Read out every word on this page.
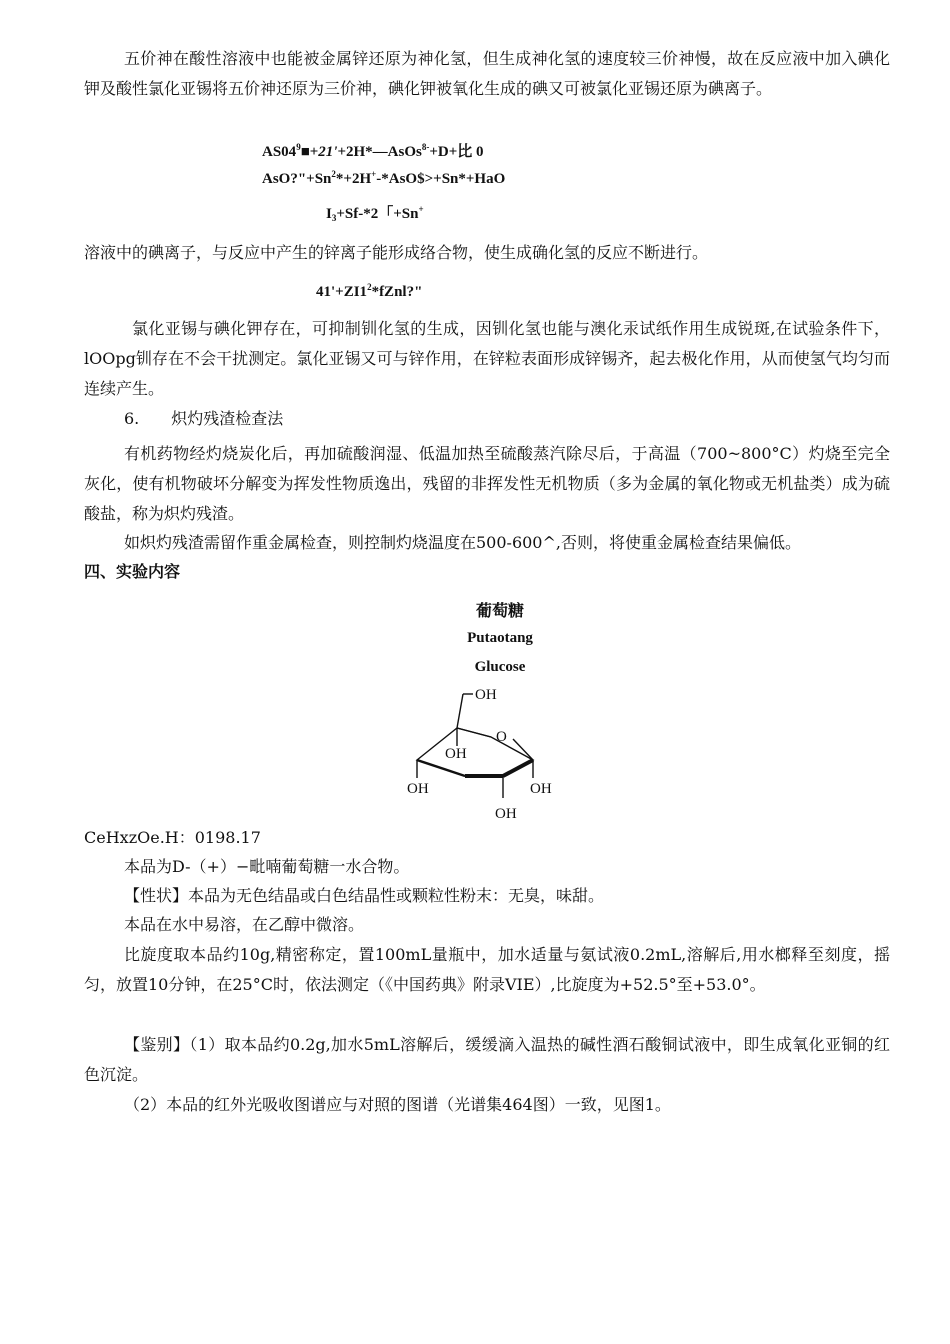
五价神在酸性溶液中也能被金属锌还原为神化氢，但生成神化氢的速度较三价神慢，故在反应液中加入碘化钾及酸性氯化亚锡将五价神还原为三价神，碘化钾被氧化生成的碘又可被氯化亚锡还原为碘离子。

$AS04^9■+21'+2H*—AsOs^{8-}+D+$比 0

$AsO?"+Sn^2*+2H^+-*AsO\$>+Sn*+HaO$

$I_3+Sf-*2$「+Sn+

溶液中的碘离子，与反应中产生的锌离子能形成络合物，使生成确化氢的反应不断进行。

$41'+ZI1^2*fZnl$?"

氯化亚锡与碘化钾存在，可抑制钏化氢的生成，因钏化氢也能与澳化汞试纸作用生成锐斑,在试验条件下，lOOpg钏存在不会干扰测定。氯化亚锡又可与锌作用，在锌粒表面形成锌锡齐，起去极化作用，从而使氢气均匀而连续产生。

6. 炽灼残渣检查法

有机药物经灼烧炭化后，再加硫酸润湿、低温加热至硫酸蒸汽除尽后，于高温（700~800°C）灼烧至完全灰化，使有机物破坏分解变为挥发性物质逸出，残留的非挥发性无机物质（多为金属的氧化物或无机盐类）成为硫酸盐，称为炽灼残渣。

如炽灼残渣需留作重金属检查，则控制灼烧温度在500-600^,否则，将使重金属检查结果偏低。

四、实验内容

葡萄糖

Putaotang

Glucose

OH
O
OH
OH	OH
OH

CeHxzOe.H：0198.17

本品为D-（+）−毗喃葡萄糖一水合物。

【性状】本品为无色结晶或白色结晶性或颗粒性粉末：无臭，味甜。

本品在水中易溶，在乙醇中微溶。

比旋度取本品约10g,精密称定，置100mL量瓶中，加水适量与氨试液0.2mL,溶解后,用水榔释至刻度，摇匀，放置10分钟，在25°C时，依法测定（《中国药典》附录VIE）,比旋度为+52.5°至+53.0°。

【鉴别】（1）取本品约0.2g,加水5mL溶解后，缓缓滴入温热的碱性酒石酸铜试液中，即生成氧化亚铜的红色沉淀。

（2）本品的红外光吸收图谱应与对照的图谱（光谱集464图）一致，见图1。
